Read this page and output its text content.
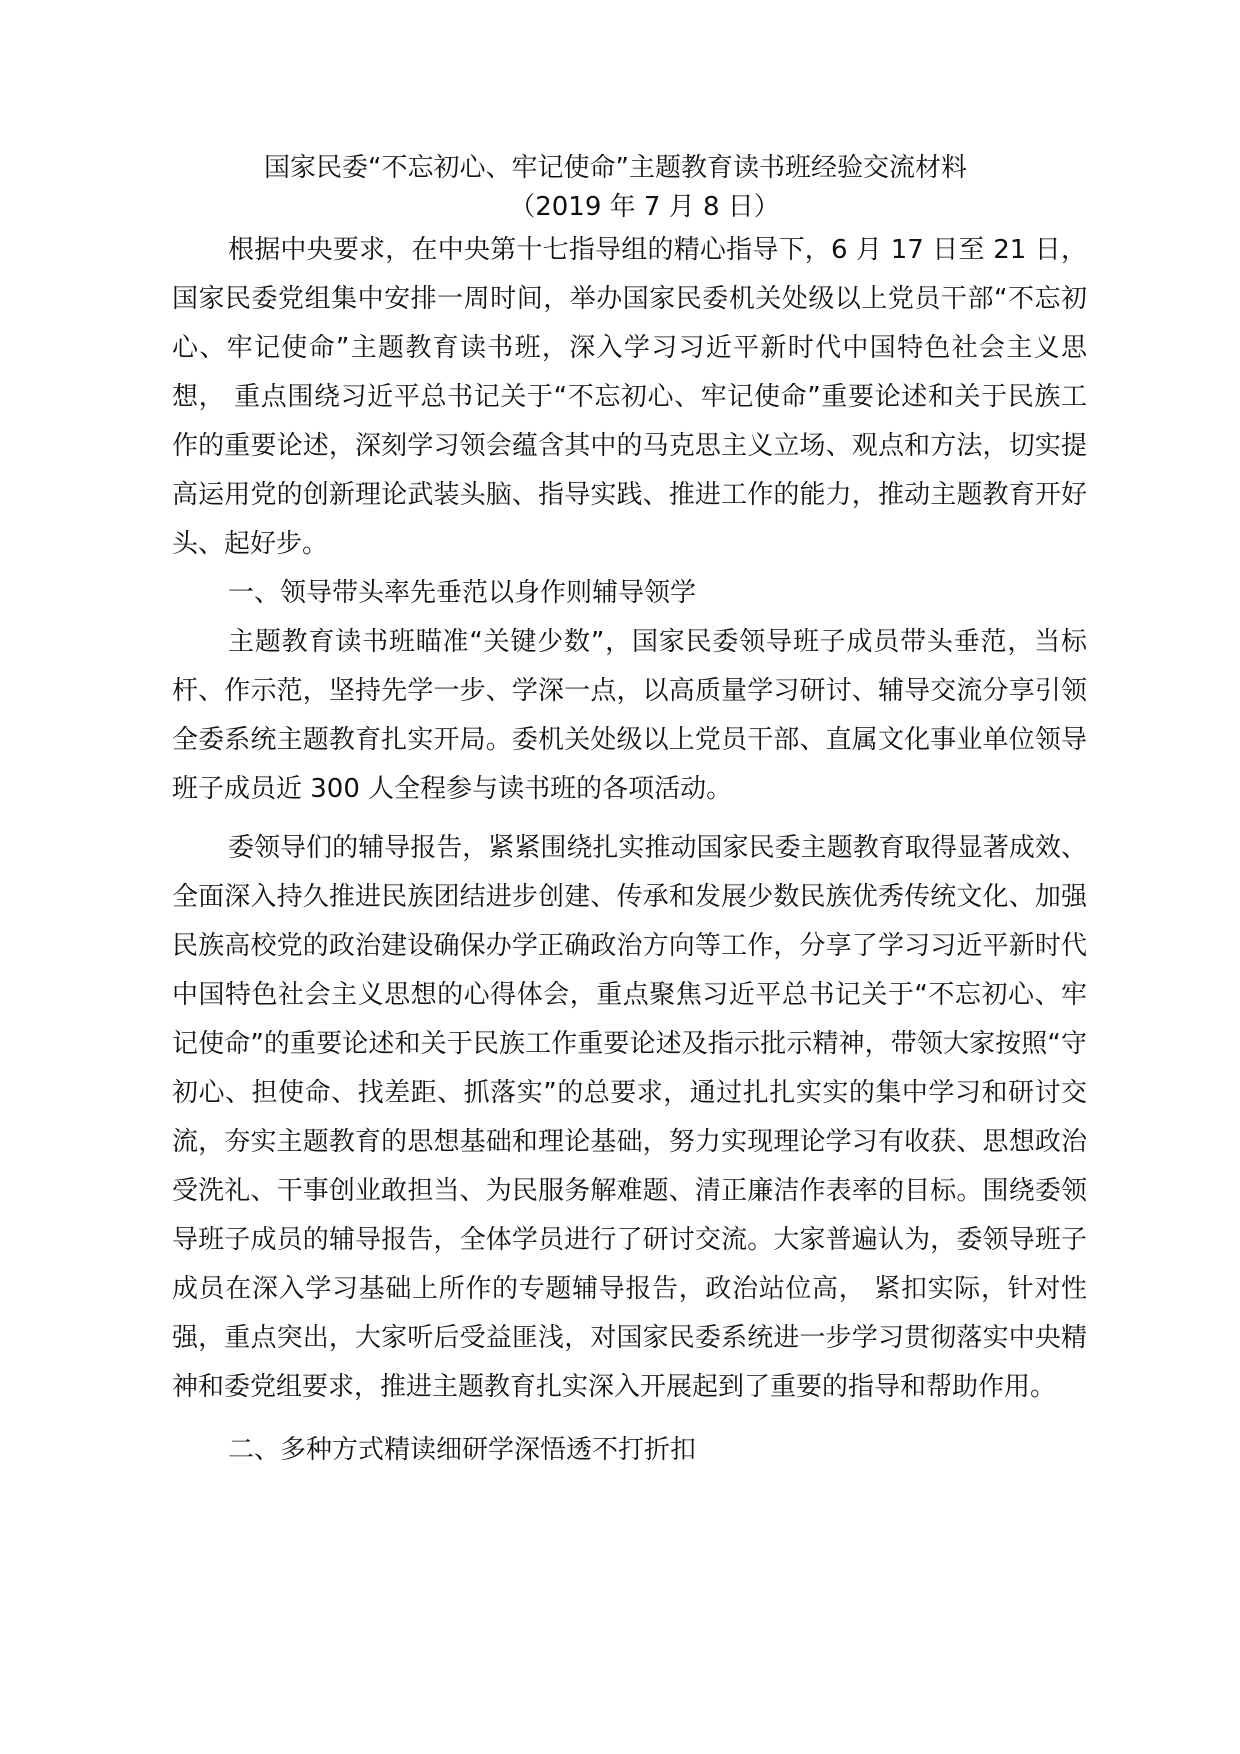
国家民委“不忘初心、牢记使命”主题教育读书班经验交流材料

（2019 年 7 月 8 日）

根据中央要求，在中央第十七指导组的精心指导下，6 月 17 日至 21 日，国家民委党组集中安排一周时间，举办国家民委机关处级以上党员干部“不忘初心、牢记使命”主题教育读书班，深入学习习近平新时代中国特色社会主义思想， 重点围绕习近平总书记关于“不忘初心、牢记使命”重要论述和关于民族工作的重要论述，深刻学习领会蕴含其中的马克思主义立场、观点和方法，切实提高运用党的创新理论武装头脑、指导实践、推进工作的能力，推动主题教育开好头、起好步。

一、领导带头率先垂范以身作则辅导领学

主题教育读书班瞄准“关键少数”，国家民委领导班子成员带头垂范，当标杆、作示范，坚持先学一步、学深一点，以高质量学习研讨、辅导交流分享引领全委系统主题教育扎实开局。委机关处级以上党员干部、直属文化事业单位领导班子成员近 300 人全程参与读书班的各项活动。

委领导们的辅导报告，紧紧围绕扎实推动国家民委主题教育取得显著成效、全面深入持久推进民族团结进步创建、传承和发展少数民族优秀传统文化、加强民族高校党的政治建设确保办学正确政治方向等工作，分享了学习习近平新时代中国特色社会主义思想的心得体会，重点聚焦习近平总书记关于“不忘初心、牢记使命”的重要论述和关于民族工作重要论述及指示批示精神，带领大家按照“守初心、担使命、找差距、抓落实”的总要求，通过扎扎实实的集中学习和研讨交流，夯实主题教育的思想基础和理论基础，努力实现理论学习有收获、思想政治受洗礼、干事创业敢担当、为民服务解难题、清正廉洁作表率的目标。围绕委领导班子成员的辅导报告，全体学员进行了研讨交流。大家普遍认为，委领导班子成员在深入学习基础上所作的专题辅导报告，政治站位高， 紧扣实际，针对性强，重点突出，大家听后受益匪浅，对国家民委系统进一步学习贯彻落实中央精神和委党组要求，推进主题教育扎实深入开展起到了重要的指导和帮助作用。

二、多种方式精读细研学深悟透不打折扣
